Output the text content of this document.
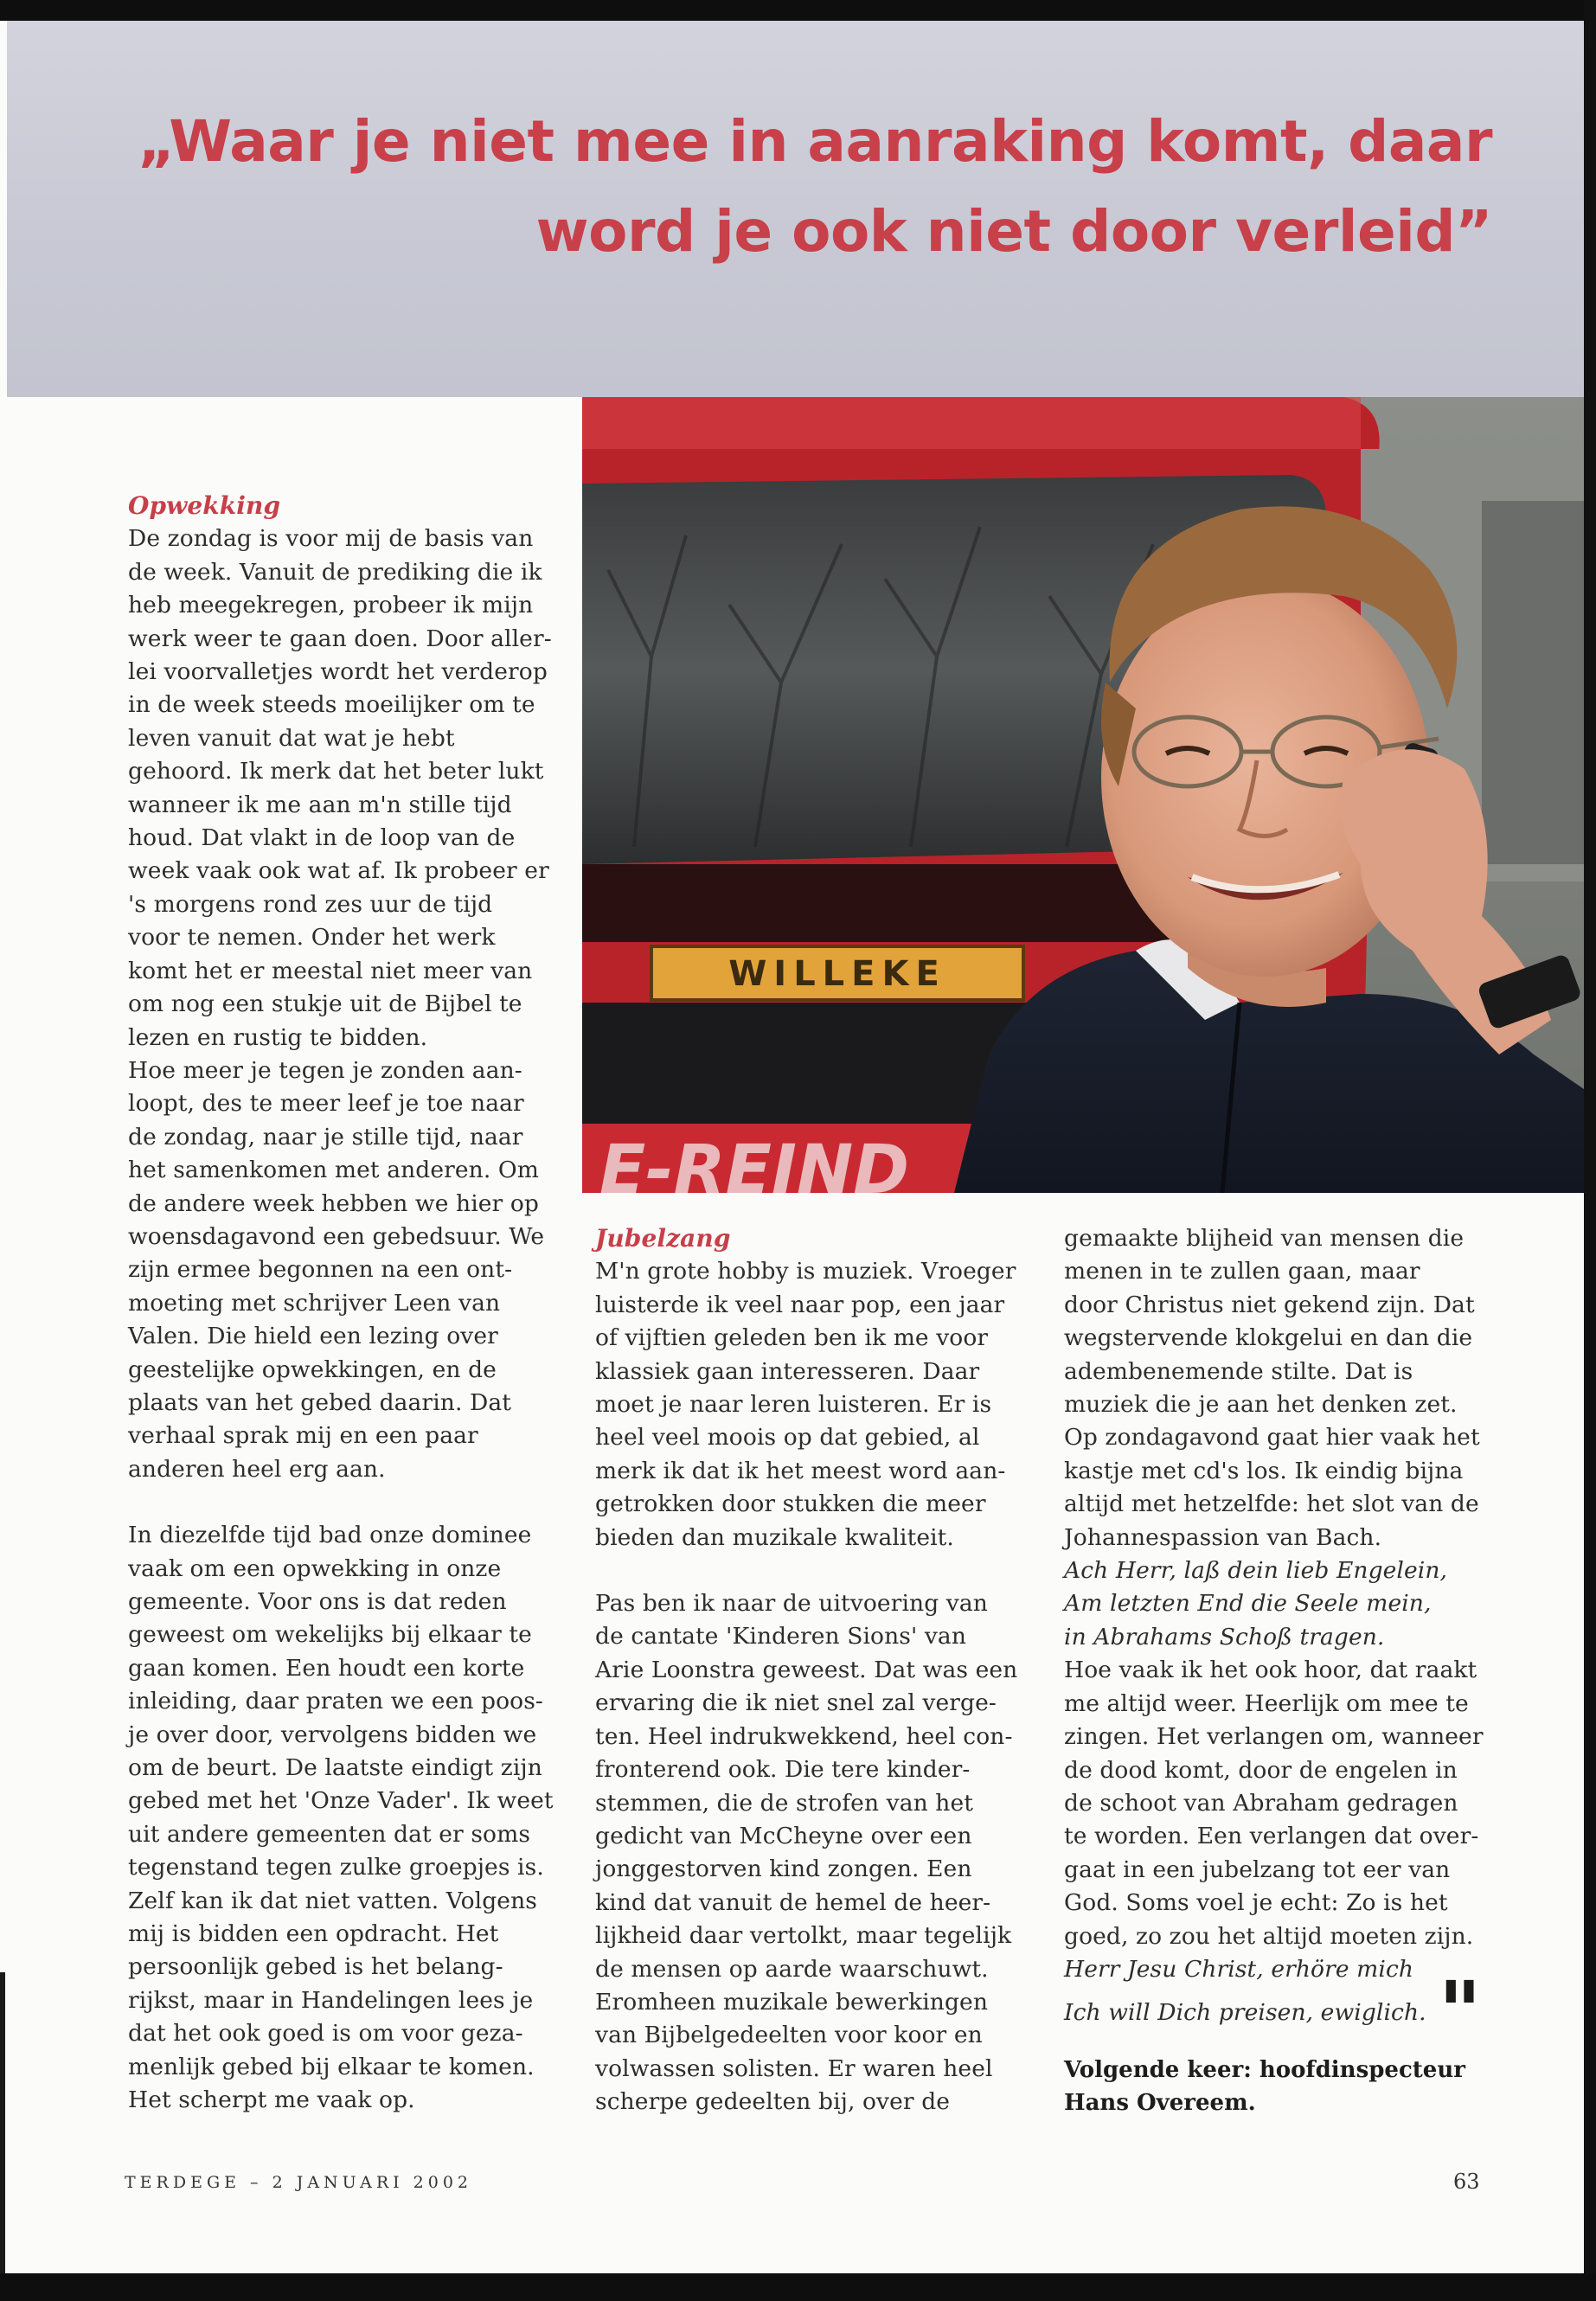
„Waar je niet mee in aanraking komt, daar
word je ook niet door verleid”
WILLEKE
E-REIND

Opwekking

De zondag is voor mij de basis van

de week. Vanuit de prediking die ik

heb meegekregen, probeer ik mijn

werk weer te gaan doen. Door aller-

lei voorvalletjes wordt het verderop

in de week steeds moeilijker om te

leven vanuit dat wat je hebt

gehoord. Ik merk dat het beter lukt

wanneer ik me aan m'n stille tijd

houd. Dat vlakt in de loop van de

week vaak ook wat af. Ik probeer er

's morgens rond zes uur de tijd

voor te nemen. Onder het werk

komt het er meestal niet meer van

om nog een stukje uit de Bijbel te

lezen en rustig te bidden.

Hoe meer je tegen je zonden aan-

loopt, des te meer leef je toe naar

de zondag, naar je stille tijd, naar

het samenkomen met anderen. Om

de andere week hebben we hier op

woensdagavond een gebedsuur. We

zijn ermee begonnen na een ont-

moeting met schrijver Leen van

Valen. Die hield een lezing over

geestelijke opwekkingen, en de

plaats van het gebed daarin. Dat

verhaal sprak mij en een paar

anderen heel erg aan.

In diezelfde tijd bad onze dominee

vaak om een opwekking in onze

gemeente. Voor ons is dat reden

geweest om wekelijks bij elkaar te

gaan komen. Een houdt een korte

inleiding, daar praten we een poos-

je over door, vervolgens bidden we

om de beurt. De laatste eindigt zijn

gebed met het 'Onze Vader'. Ik weet

uit andere gemeenten dat er soms

tegenstand tegen zulke groepjes is.

Zelf kan ik dat niet vatten. Volgens

mij is bidden een opdracht. Het

persoonlijk gebed is het belang-

rijkst, maar in Handelingen lees je

dat het ook goed is om voor geza-

menlijk gebed bij elkaar te komen.

Het scherpt me vaak op.

Jubelzang

M'n grote hobby is muziek. Vroeger

luisterde ik veel naar pop, een jaar

of vijftien geleden ben ik me voor

klassiek gaan interesseren. Daar

moet je naar leren luisteren. Er is

heel veel moois op dat gebied, al

merk ik dat ik het meest word aan-

getrokken door stukken die meer

bieden dan muzikale kwaliteit.

Pas ben ik naar de uitvoering van

de cantate 'Kinderen Sions' van

Arie Loonstra geweest. Dat was een

ervaring die ik niet snel zal verge-

ten. Heel indrukwekkend, heel con-

fronterend ook. Die tere kinder-

stemmen, die de strofen van het

gedicht van McCheyne over een

jonggestorven kind zongen. Een

kind dat vanuit de hemel de heer-

lijkheid daar vertolkt, maar tegelijk

de mensen op aarde waarschuwt.

Eromheen muzikale bewerkingen

van Bijbelgedeelten voor koor en

volwassen solisten. Er waren heel

scherpe gedeelten bij, over de

gemaakte blijheid van mensen die

menen in te zullen gaan, maar

door Christus niet gekend zijn. Dat

wegstervende klokgelui en dan die

adembenemende stilte. Dat is

muziek die je aan het denken zet.

Op zondagavond gaat hier vaak het

kastje met cd's los. Ik eindig bijna

altijd met hetzelfde: het slot van de

Johannespassion van Bach.

Ach Herr, laß dein lieb Engelein,

Am letzten End die Seele mein,

in Abrahams Schoß tragen.

Hoe vaak ik het ook hoor, dat raakt

me altijd weer. Heerlijk om mee te

zingen. Het verlangen om, wanneer

de dood komt, door de engelen in

de schoot van Abraham gedragen

te worden. Een verlangen dat over-

gaat in een jubelzang tot eer van

God. Soms voel je echt: Zo is het

goed, zo zou het altijd moeten zijn.

Herr Jesu Christ, erhöre mich

Ich will Dich preisen, ewiglich. "

Volgende keer: hoofdinspecteur
Hans Overeem.
TERDEGE – 2 JANUARI 2002	63
